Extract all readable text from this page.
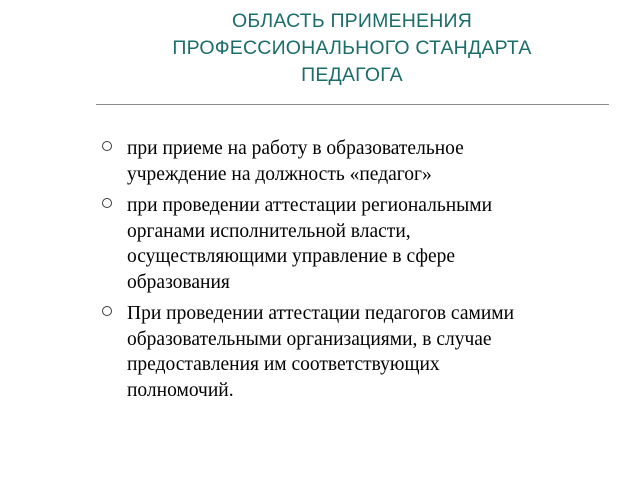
ОБЛАСТЬ ПРИМЕНЕНИЯ
ПРОФЕССИОНАЛЬНОГО СТАНДАРТА
ПЕДАГОГА
при приеме на работу в образовательное
учреждение на должность «педагог»
при проведении аттестации региональными
органами исполнительной власти,
осуществляющими управление в сфере
образования
При проведении аттестации педагогов самими
образовательными организациями, в случае
предоставления им соответствующих
полномочий.
